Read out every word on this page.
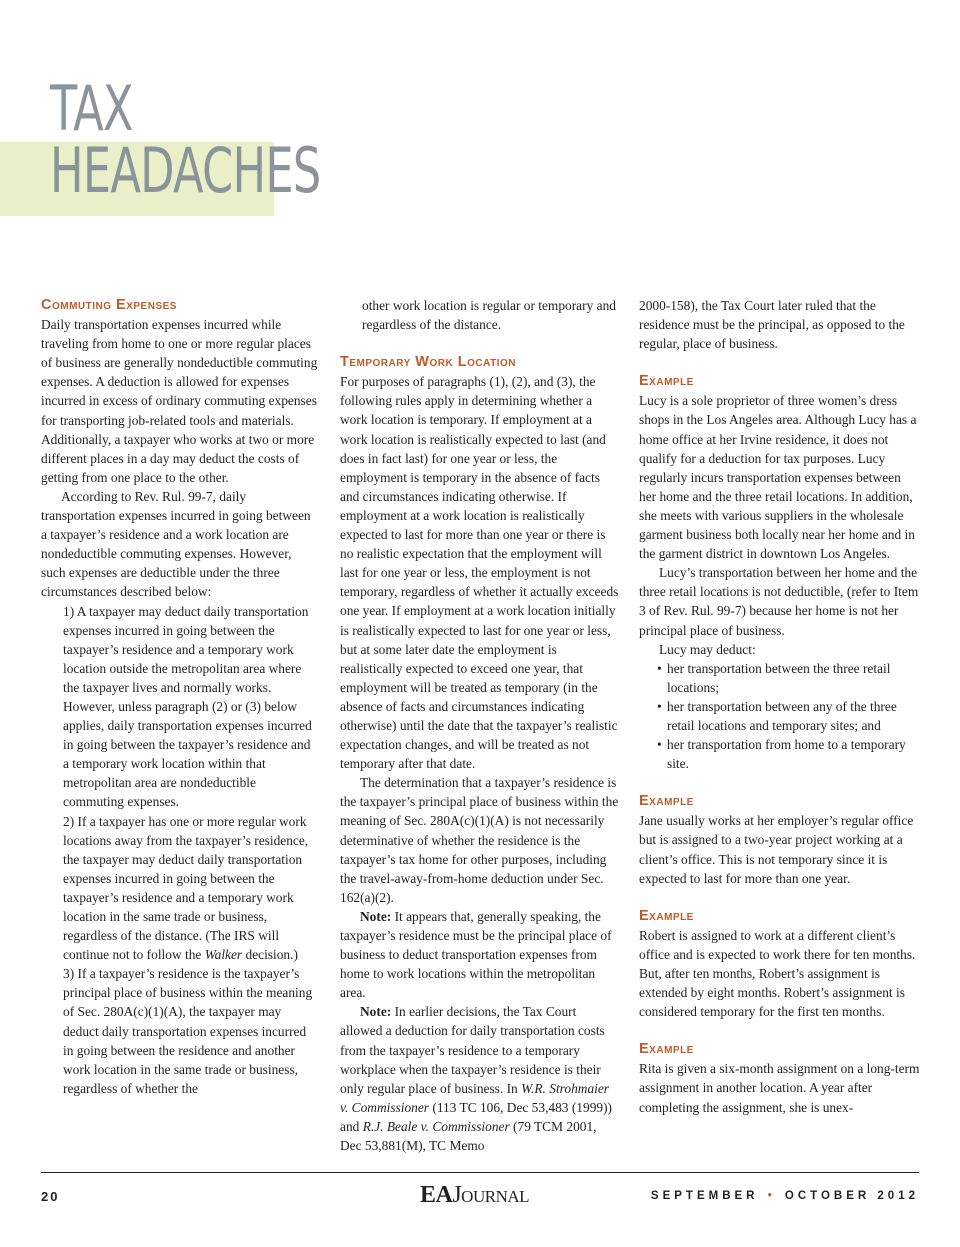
TAX
HEADACHES
Commuting Expenses

Daily transportation expenses incurred while traveling from home to one or more regular places of business are generally nondeductible commuting expenses. A deduction is allowed for expenses incurred in excess of ordinary commuting expenses for transporting job-related tools and materials. Additionally, a taxpayer who works at two or more different places in a day may deduct the costs of getting from one place to the other.

According to Rev. Rul. 99-7, daily transportation expenses incurred in going between a taxpayer’s residence and a work location are nondeductible commuting expenses. However, such expenses are deductible under the three circumstances described below:

1) A taxpayer may deduct daily transportation expenses incurred in going between the taxpayer’s residence and a temporary work location outside the metropolitan area where the taxpayer lives and normally works. However, unless paragraph (2) or (3) below applies, daily transportation expenses incurred in going between the taxpayer’s residence and a temporary work location within that metropolitan area are nondeductible commuting expenses.

2) If a taxpayer has one or more regular work locations away from the taxpayer’s residence, the taxpayer may deduct daily transportation expenses incurred in going between the taxpayer’s residence and a temporary work location in the same trade or business, regardless of the distance. (The IRS will continue not to follow the Walker decision.)

3) If a taxpayer’s residence is the taxpayer’s principal place of business within the meaning of Sec. 280A(c)(1)(A), the taxpayer may deduct daily transportation expenses incurred in going between the residence and another work location in the same trade or business, regardless of whether the

other work location is regular or temporary and regardless of the distance.

Temporary Work Location

For purposes of paragraphs (1), (2), and (3), the following rules apply in determining whether a work location is temporary. If employment at a work location is realistically expected to last (and does in fact last) for one year or less, the employment is temporary in the absence of facts and circumstances indicating otherwise. If employment at a work location is realistically expected to last for more than one year or there is no realistic expectation that the employment will last for one year or less, the employment is not temporary, regardless of whether it actually exceeds one year. If employment at a work location initially is realistically expected to last for one year or less, but at some later date the employment is realistically expected to exceed one year, that employment will be treated as temporary (in the absence of facts and circumstances indicating otherwise) until the date that the taxpayer’s realistic expectation changes, and will be treated as not temporary after that date.

The determination that a taxpayer’s residence is the taxpayer’s principal place of business within the meaning of Sec. 280A(c)(1)(A) is not necessarily determinative of whether the residence is the taxpayer’s tax home for other purposes, including the travel-away-from-home deduction under Sec. 162(a)(2).

Note: It appears that, generally speaking, the taxpayer’s residence must be the principal place of business to deduct transportation expenses from home to work locations within the metropolitan area.

Note: In earlier decisions, the Tax Court allowed a deduction for daily transportation costs from the taxpayer’s residence to a temporary workplace when the taxpayer’s residence is their only regular place of business. In W.R. Strohmaier v. Commissioner (113 TC 106, Dec 53,483 (1999)) and R.J. Beale v. Commissioner (79 TCM 2001, Dec 53,881(M), TC Memo

2000-158), the Tax Court later ruled that the residence must be the principal, as opposed to the regular, place of business.

Example

Lucy is a sole proprietor of three women’s dress shops in the Los Angeles area. Although Lucy has a home office at her Irvine residence, it does not qualify for a deduction for tax purposes. Lucy regularly incurs transportation expenses between her home and the three retail locations. In addition, she meets with various suppliers in the wholesale garment business both locally near her home and in the garment district in downtown Los Angeles.

Lucy’s transportation between her home and the three retail locations is not deductible, (refer to Item 3 of Rev. Rul. 99-7) because her home is not her principal place of business.

Lucy may deduct:

• her transportation between the three retail locations;
• her transportation between any of the three retail locations and temporary sites; and
• her transportation from home to a temporary site.
Example

Jane usually works at her employer’s regular office but is assigned to a two-year project working at a client’s office. This is not temporary since it is expected to last for more than one year.

Example

Robert is assigned to work at a different client’s office and is expected to work there for ten months. But, after ten months, Robert’s assignment is extended by eight months. Robert’s assignment is considered temporary for the first ten months.

Example

Rita is given a six-month assignment on a long-term assignment in another location. A year after completing the assignment, she is unex-

20	EAJournal	SEPTEMBER • OCTOBER 2012
